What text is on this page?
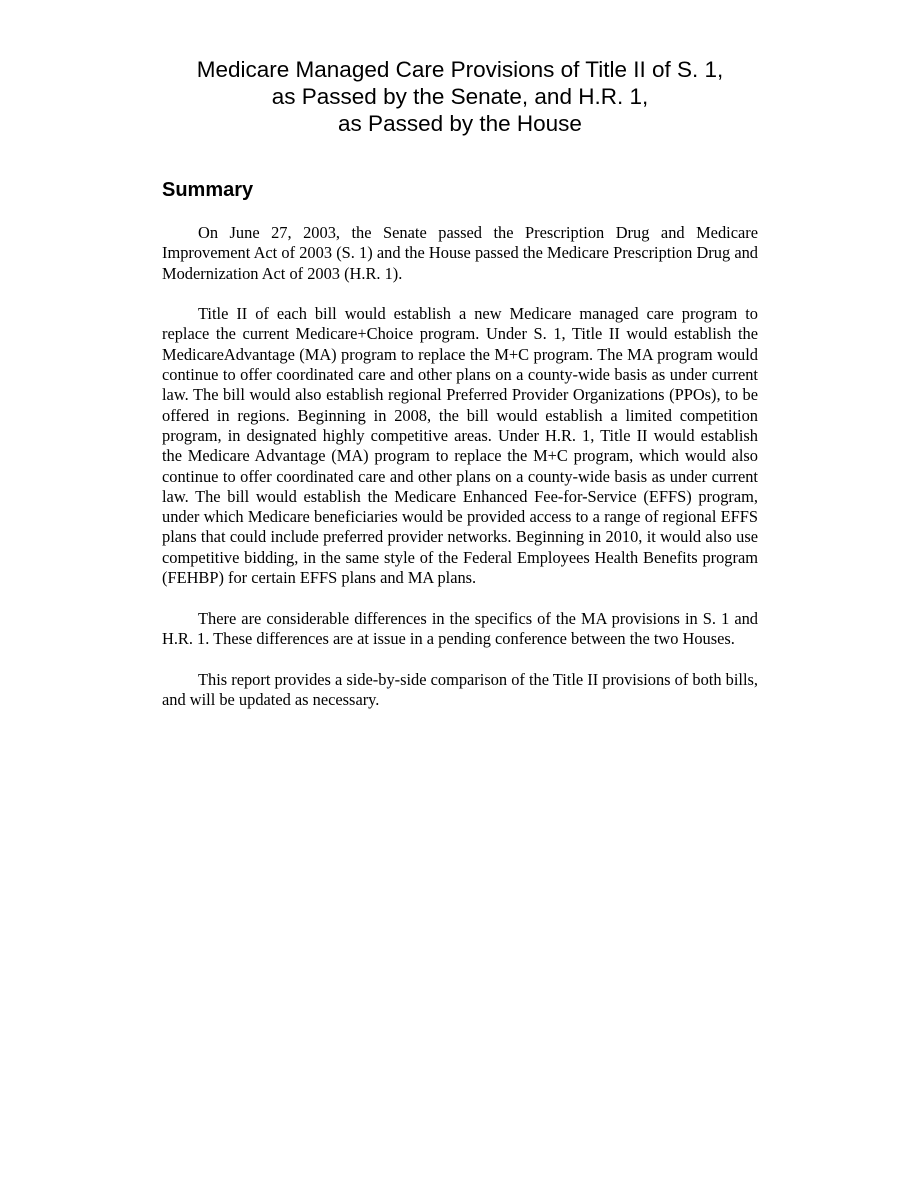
Medicare Managed Care Provisions of Title II of S. 1,
as Passed by the Senate, and H.R. 1,
as Passed by the House
Summary

On June 27, 2003, the Senate passed the Prescription Drug and Medicare Improvement Act of 2003 (S. 1) and the House passed the Medicare Prescription Drug and Modernization Act of 2003 (H.R. 1).

Title II of each bill would establish a new Medicare managed care program to replace the current Medicare+Choice program. Under S. 1, Title II would establish the MedicareAdvantage (MA) program to replace the M+C program. The MA program would continue to offer coordinated care and other plans on a county-wide basis as under current law. The bill would also establish regional Preferred Provider Organizations (PPOs), to be offered in regions. Beginning in 2008, the bill would establish a limited competition program, in designated highly competitive areas. Under H.R. 1, Title II would establish the Medicare Advantage (MA) program to replace the M+C program, which would also continue to offer coordinated care and other plans on a county-wide basis as under current law. The bill would establish the Medicare Enhanced Fee-for-Service (EFFS) program, under which Medicare beneficiaries would be provided access to a range of regional EFFS plans that could include preferred provider networks. Beginning in 2010, it would also use competitive bidding, in the same style of the Federal Employees Health Benefits program (FEHBP) for certain EFFS plans and MA plans.

There are considerable differences in the specifics of the MA provisions in S. 1 and H.R. 1. These differences are at issue in a pending conference between the two Houses.

This report provides a side-by-side comparison of the Title II provisions of both bills, and will be updated as necessary.
